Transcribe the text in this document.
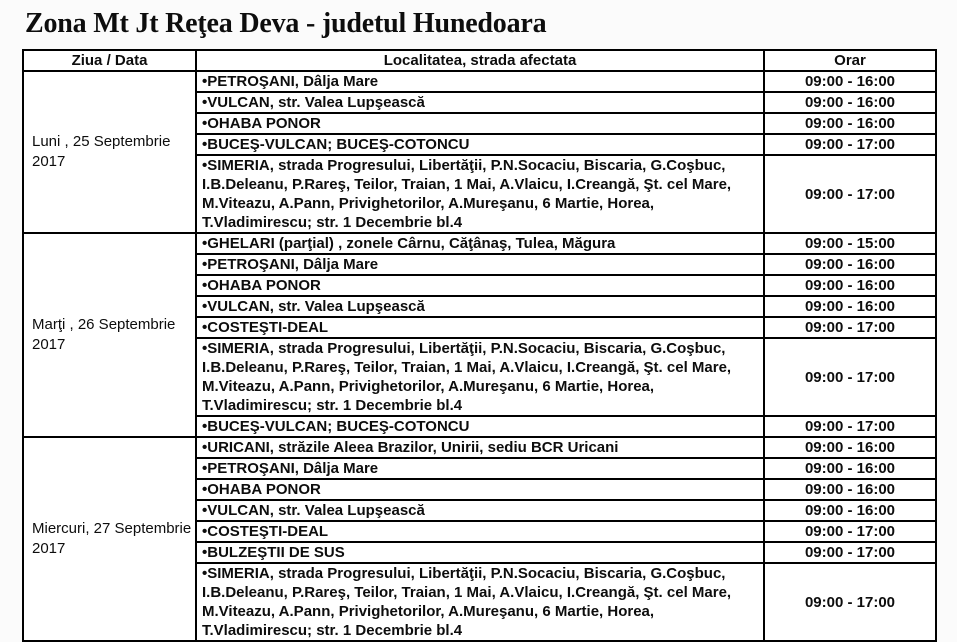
Zona Mt Jt Reţea Deva - judetul Hunedoara
Ziua / Data	Localitatea, strada afectata	Orar
Luni , 25 Septembrie 2017	•PETROŞANI, Dâlja Mare	09:00 - 16:00
	•VULCAN, str. Valea Lupşească	09:00 - 16:00
	•OHABA PONOR	09:00 - 16:00
	•BUCEŞ-VULCAN; BUCEŞ-COTONCU	09:00 - 17:00
	•SIMERIA, strada Progresului, Libertăţii, P.N.Socaciu, Biscaria, G.Coşbuc, I.B.Deleanu, P.Rareş, Teilor, Traian, 1 Mai, A.Vlaicu, I.Creangă, Şt. cel Mare, M.Viteazu, A.Pann, Privighetorilor, A.Mureşanu, 6 Martie, Horea, T.Vladimirescu; str. 1 Decembrie bl.4	09:00 - 17:00
Marţi , 26 Septembrie 2017	•GHELARI (parţial) , zonele Cârnu, Căţânaş, Tulea, Măgura	09:00 - 15:00
	•PETROŞANI, Dâlja Mare	09:00 - 16:00
	•OHABA PONOR	09:00 - 16:00
	•VULCAN, str. Valea Lupşească	09:00 - 16:00
	•COSTEŞTI-DEAL	09:00 - 17:00
	•SIMERIA, strada Progresului, Libertăţii, P.N.Socaciu, Biscaria, G.Coşbuc, I.B.Deleanu, P.Rareş, Teilor, Traian, 1 Mai, A.Vlaicu, I.Creangă, Şt. cel Mare, M.Viteazu, A.Pann, Privighetorilor, A.Mureşanu, 6 Martie, Horea, T.Vladimirescu; str. 1 Decembrie bl.4	09:00 - 17:00
	•BUCEŞ-VULCAN; BUCEŞ-COTONCU	09:00 - 17:00
Miercuri, 27 Septembrie 2017	•URICANI, străzile Aleea Brazilor, Unirii, sediu BCR Uricani	09:00 - 16:00
	•PETROŞANI, Dâlja Mare	09:00 - 16:00
	•OHABA PONOR	09:00 - 16:00
	•VULCAN, str. Valea Lupşească	09:00 - 16:00
	•COSTEŞTI-DEAL	09:00 - 17:00
	•BULZEŞTII DE SUS	09:00 - 17:00
	•SIMERIA, strada Progresului, Libertăţii, P.N.Socaciu, Biscaria, G.Coşbuc, I.B.Deleanu, P.Rareş, Teilor, Traian, 1 Mai, A.Vlaicu, I.Creangă, Şt. cel Mare, M.Viteazu, A.Pann, Privighetorilor, A.Mureşanu, 6 Martie, Horea, T.Vladimirescu; str. 1 Decembrie bl.4	09:00 - 17:00
